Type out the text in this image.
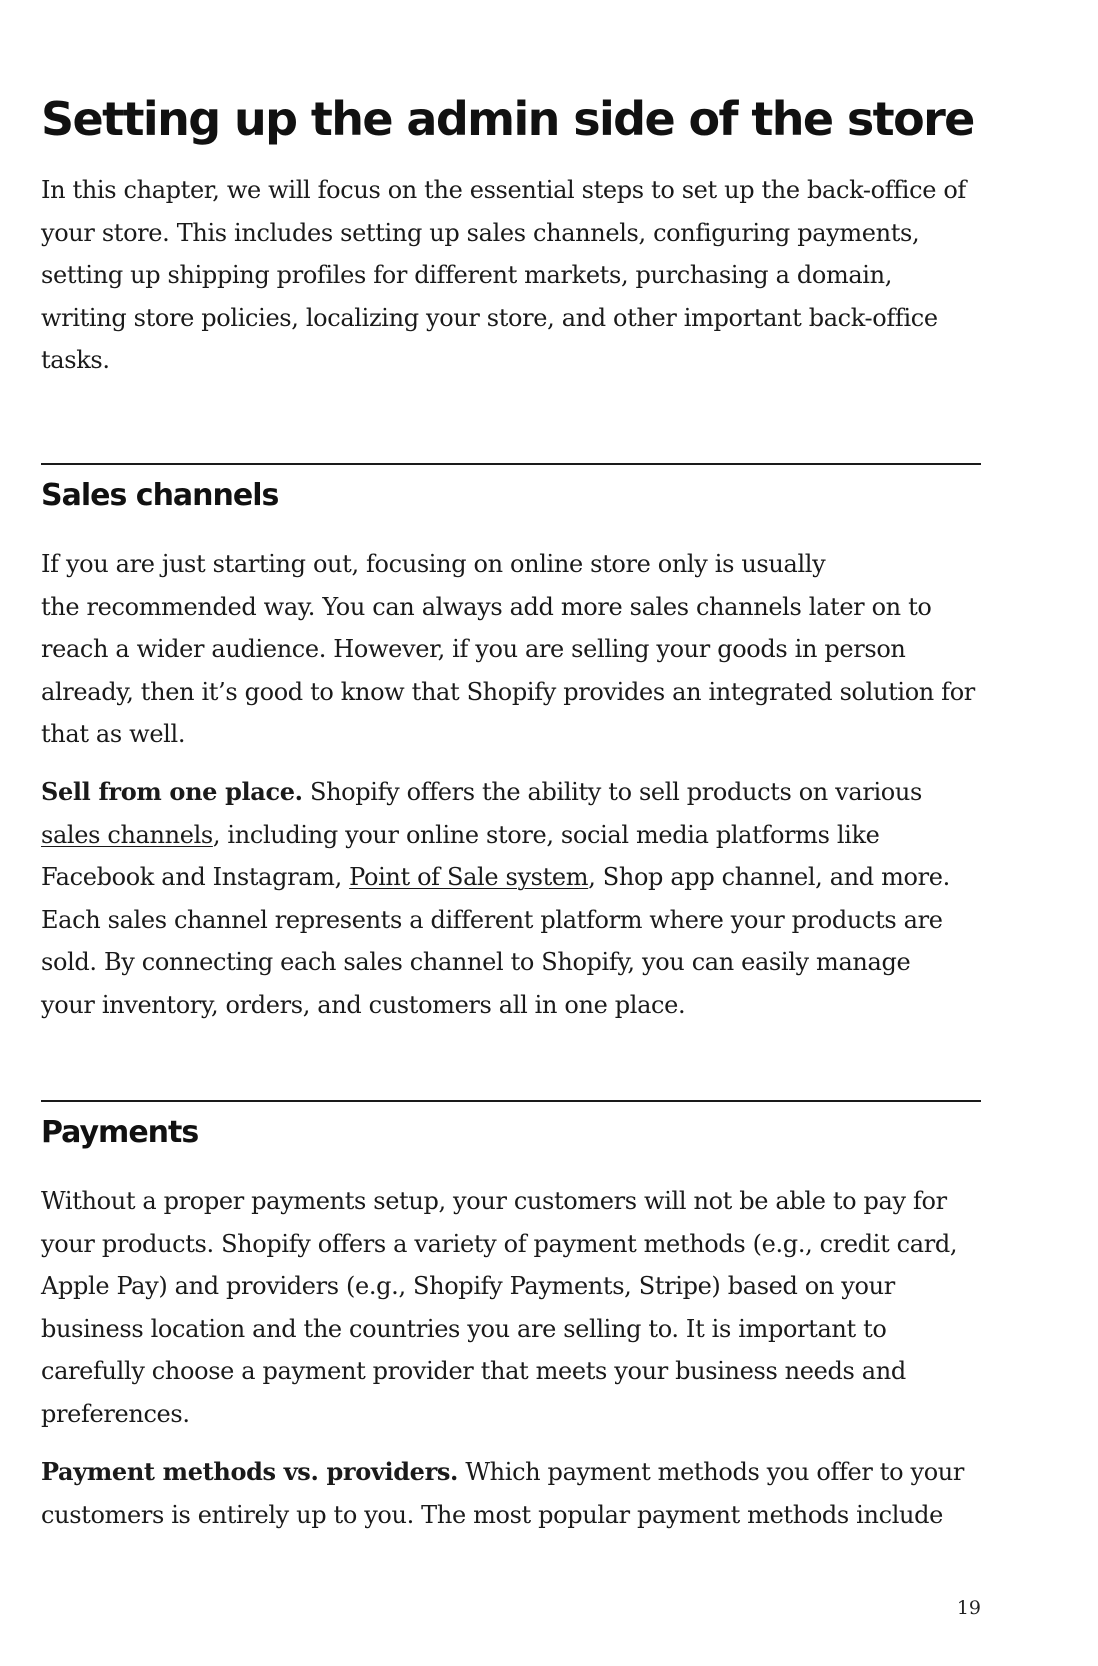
Setting up the admin side of the store
In this chapter, we will focus on the essential steps to set up the back-office of
your store. This includes setting up sales channels, configuring payments,
setting up shipping profiles for different markets, purchasing a domain,
writing store policies, localizing your store, and other important back-office
tasks.
Sales channels
If you are just starting out, focusing on online store only is usually
the recommended way. You can always add more sales channels later on to
reach a wider audience. However, if you are selling your goods in person
already, then it’s good to know that Shopify provides an integrated solution for
that as well.
Sell from one place. Shopify offers the ability to sell products on various
sales channels, including your online store, social media platforms like
Facebook and Instagram, Point of Sale system, Shop app channel, and more.
Each sales channel represents a different platform where your products are
sold. By connecting each sales channel to Shopify, you can easily manage
your inventory, orders, and customers all in one place.
Payments
Without a proper payments setup, your customers will not be able to pay for
your products. Shopify offers a variety of payment methods (e.g., credit card,
Apple Pay) and providers (e.g., Shopify Payments, Stripe) based on your
business location and the countries you are selling to. It is important to
carefully choose a payment provider that meets your business needs and
preferences.
Payment methods vs. providers. Which payment methods you offer to your
customers is entirely up to you. The most popular payment methods include
19
